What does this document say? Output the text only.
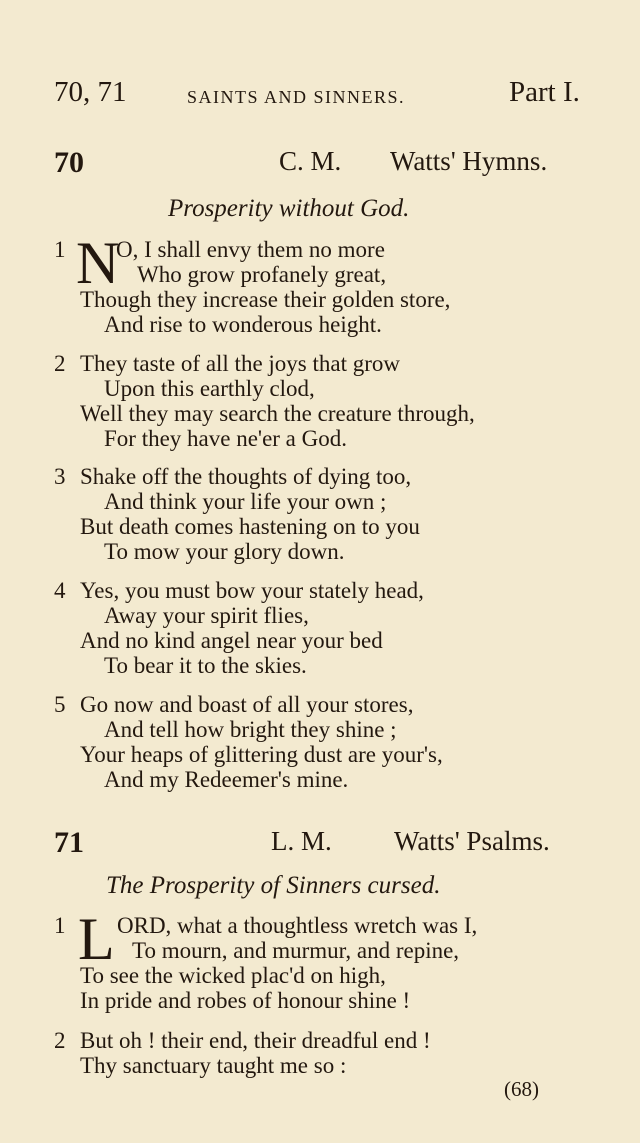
70, 71	SAINTS AND SINNERS.	Part I.
70	C. M. Watts' Hymns.
Prosperity without God.
1 N
O, I shall envy them no more
Who grow profanely great,
Though they increase their golden store,
And rise to wonderous height.
2 They taste of all the joys that grow
Upon this earthly clod,
Well they may search the creature through,
For they have ne'er a God.
3 Shake off the thoughts of dying too,
And think your life your own ;
But death comes hastening on to you
To mow your glory down.
4 Yes, you must bow your stately head,
Away your spirit flies,
And no kind angel near your bed
To bear it to the skies.
5 Go now and boast of all your stores,
And tell how bright they shine ;
Your heaps of glittering dust are your's,
And my Redeemer's mine.
71	L. M. Watts' Psalms.
The Prosperity of Sinners cursed.
1 L ORD, what a thoughtless wretch was I,
To mourn, and murmur, and repine,
To see the wicked plac'd on high,
In pride and robes of honour shine !
2 But oh ! their end, their dreadful end !
Thy sanctuary taught me so :
(68)
